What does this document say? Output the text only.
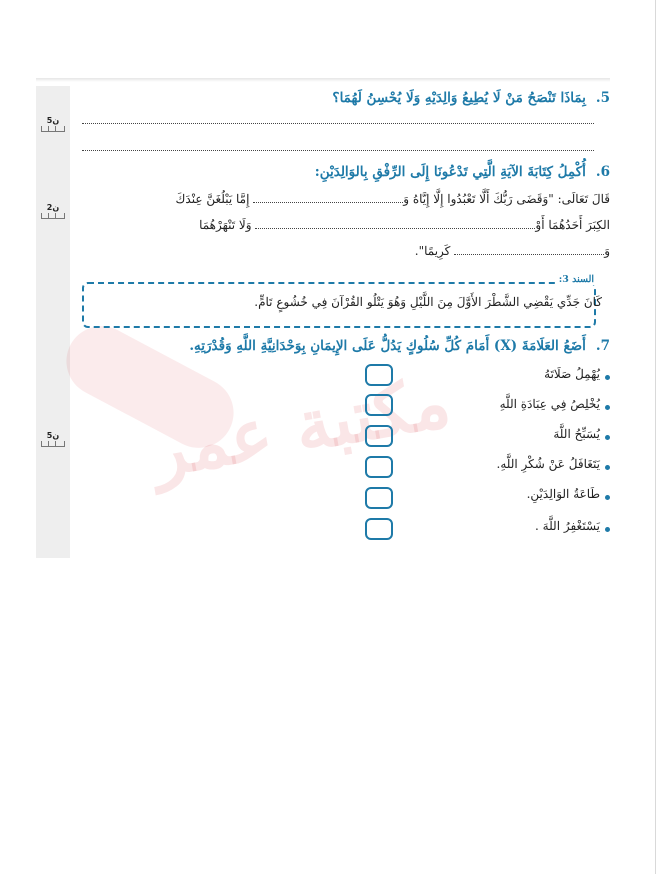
مكتبة عمر
5ن
2ن
5ن
5.بِمَاذَا تَنْصَحُ مَنْ لَا يُطِيعُ وَالِدَيْهِ وَلَا يُحْسِنُ لَهُمَا؟
6.أُكْمِلُ كِتَابَةَ الآيَةِ الَّتِي تَدْعُونَا إِلَى الرِّفْقِ بِالوَالِدَيْنِ:
قَالَ تَعَالَى: "وَقَضَى رَبُّكَ أَلَّا تَعْبُدُوا إِلَّا إِيَّاهُ وَ إِمَّا يَبْلُغَنَّ عِنْدَكَ
الكِبَرَ أَحَدُهُمَا أَوْ وَلَا تَنْهَرْهُمَا
وَ كَرِيمًا".
السند 3:
كَانَ جَدِّي يَقْضِي الشَّطْرَ الأَوَّلَ مِنَ اللَّيْلِ وَهُوَ يَتْلُو القُرْآنَ فِي خُشُوعٍ تَامٍّ.
7.أَضَعُ العَلَامَةَ (X) أَمَامَ كُلِّ سُلُوكٍ يَدُلُّ عَلَى الإِيمَانِ بِوَحْدَانِيَّةِ اللَّهِ وَقُدْرَتِهِ.
يُهْمِلُ صَلَاتَهُ
يُخْلِصُ فِي عِبَادَةِ اللَّهِ
يُسَبِّحُ اللَّهَ
يَتَغَافَلُ عَنْ شُكْرِ اللَّهِ.
طَاعَةُ الوَالِدَيْنِ.
يَسْتَغْفِرُ اللَّهَ .
